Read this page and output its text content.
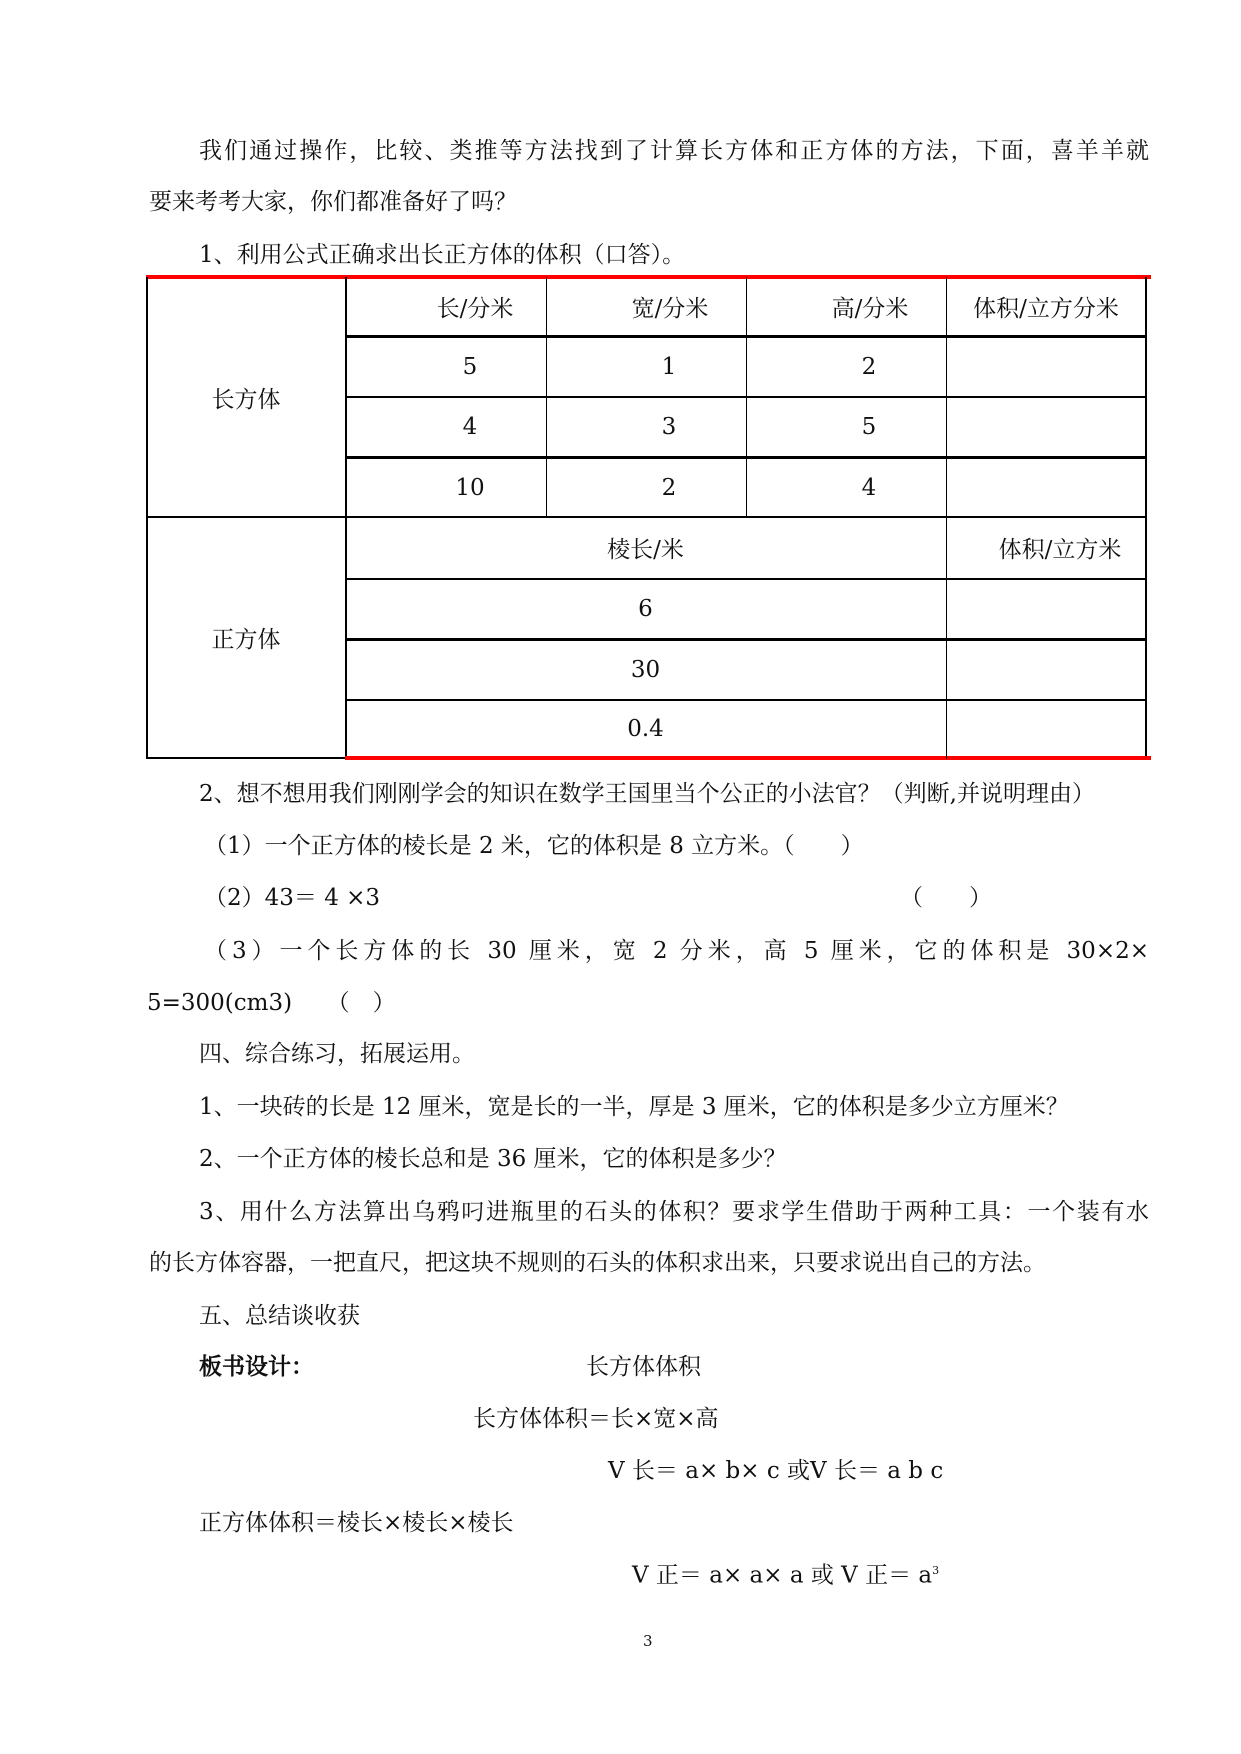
我们通过操作，比较、类推等方法找到了计算长方体和正方体的方法，下面，喜羊羊就
要来考考大家，你们都准备好了吗？
1、利用公式正确求出长正方体的体积（口答）。
长方体
长/分米	宽/分米	高/分米	体积/立方分米
5	1	2
4	3	5
10	2	4
正方体
棱长/米	体积/立方米
6
30
0.4
2、想不想用我们刚刚学会的知识在数学王国里当个公正的小法官？（判断,并说明理由）
（1）一个正方体的棱长是 2 米，它的体积是 8 立方米。（　　）
（2）43＝ 4 ×3	（　　）
（3）一个长方体的长 30 厘米，宽 2 分米，高 5 厘米，它的体积是 30×2×
5=300(cm3)　　（　）
四、综合练习，拓展运用。
1、一块砖的长是 12 厘米，宽是长的一半，厚是 3 厘米，它的体积是多少立方厘米？
2、一个正方体的棱长总和是 36 厘米，它的体积是多少？
3、用什么方法算出乌鸦叼进瓶里的石头的体积？要求学生借助于两种工具：一个装有水
的长方体容器，一把直尺，把这块不规则的石头的体积求出来，只要求说出自己的方法。
五、总结谈收获
板书设计：	长方体体积
长方体体积＝长×宽×高
V 长＝ a× b× c 或V 长＝ a b c
正方体体积＝棱长×棱长×棱长
V 正＝ a× a× a 或 V 正＝ $a^3$
3
